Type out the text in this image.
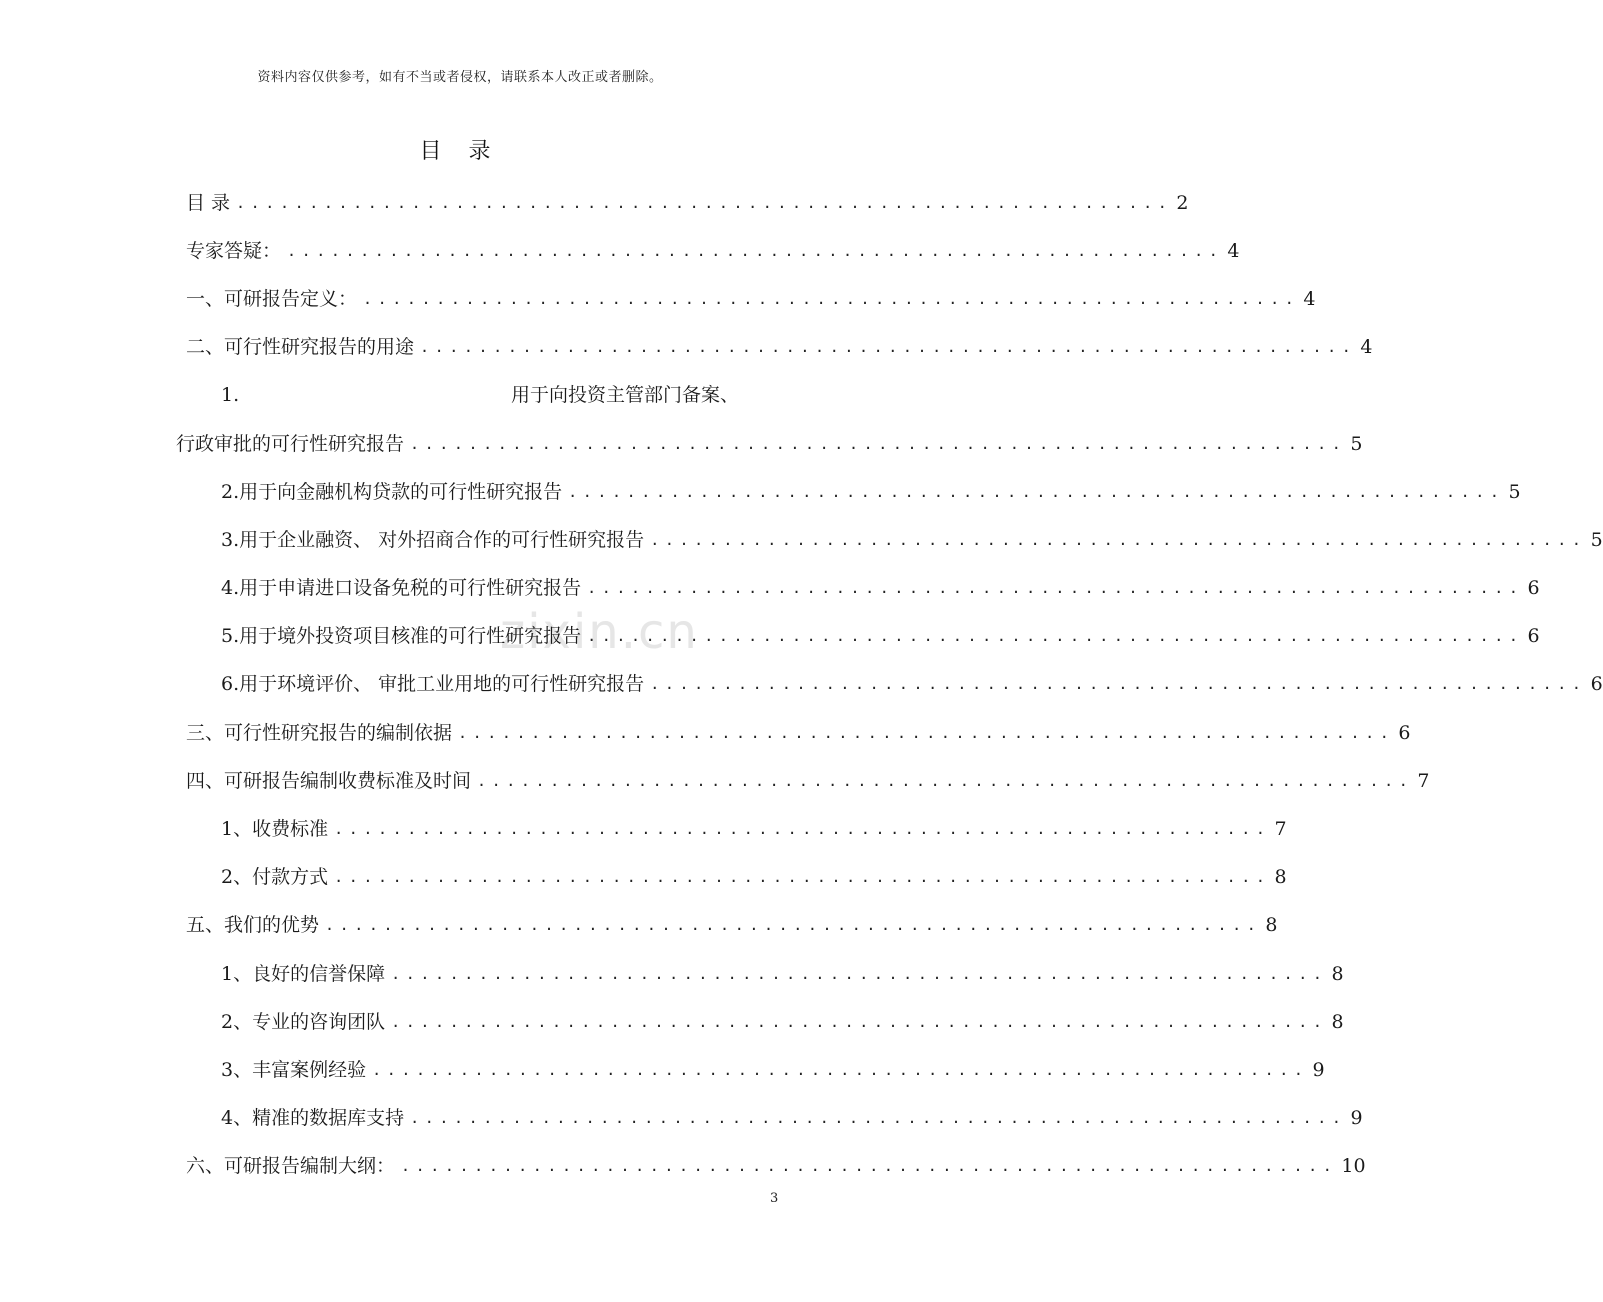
资料内容仅供参考，如有不当或者侵权，请联系本人改正或者删除。
目 录
zixin.cn
目 录 ................................................................ 2
专家答疑： ................................................................ 4
一、 可研报告定义： ................................................................ 4
二、 可行性研究报告的用途 ................................................................ 4
1.	用于向投资主管部门备案、
行政审批的可行性研究报告 ................................................................ 5
2. 用于向金融机构贷款的可行性研究报告 ................................................................ 5
3. 用于企业融资、 对外招商合作的可行性研究报告 ................................................................ 5
4. 用于申请进口设备免税的可行性研究报告 ................................................................ 6
5. 用于境外投资项目核准的可行性研究报告 ................................................................ 6
6. 用于环境评价、 审批工业用地的可行性研究报告 ................................................................ 6
三、 可行性研究报告的编制依据 ................................................................ 6
四、 可研报告编制收费标准及时间 ................................................................ 7
1、 收费标准 ................................................................ 7
2、 付款方式 ................................................................ 8
五、 我们的优势 ................................................................ 8
1、 良好的信誉保障 ................................................................ 8
2、 专业的咨询团队 ................................................................ 8
3、 丰富案例经验 ................................................................ 9
4、 精准的数据库支持 ................................................................ 9
六、 可研报告编制大纲： ................................................................ 10
3
